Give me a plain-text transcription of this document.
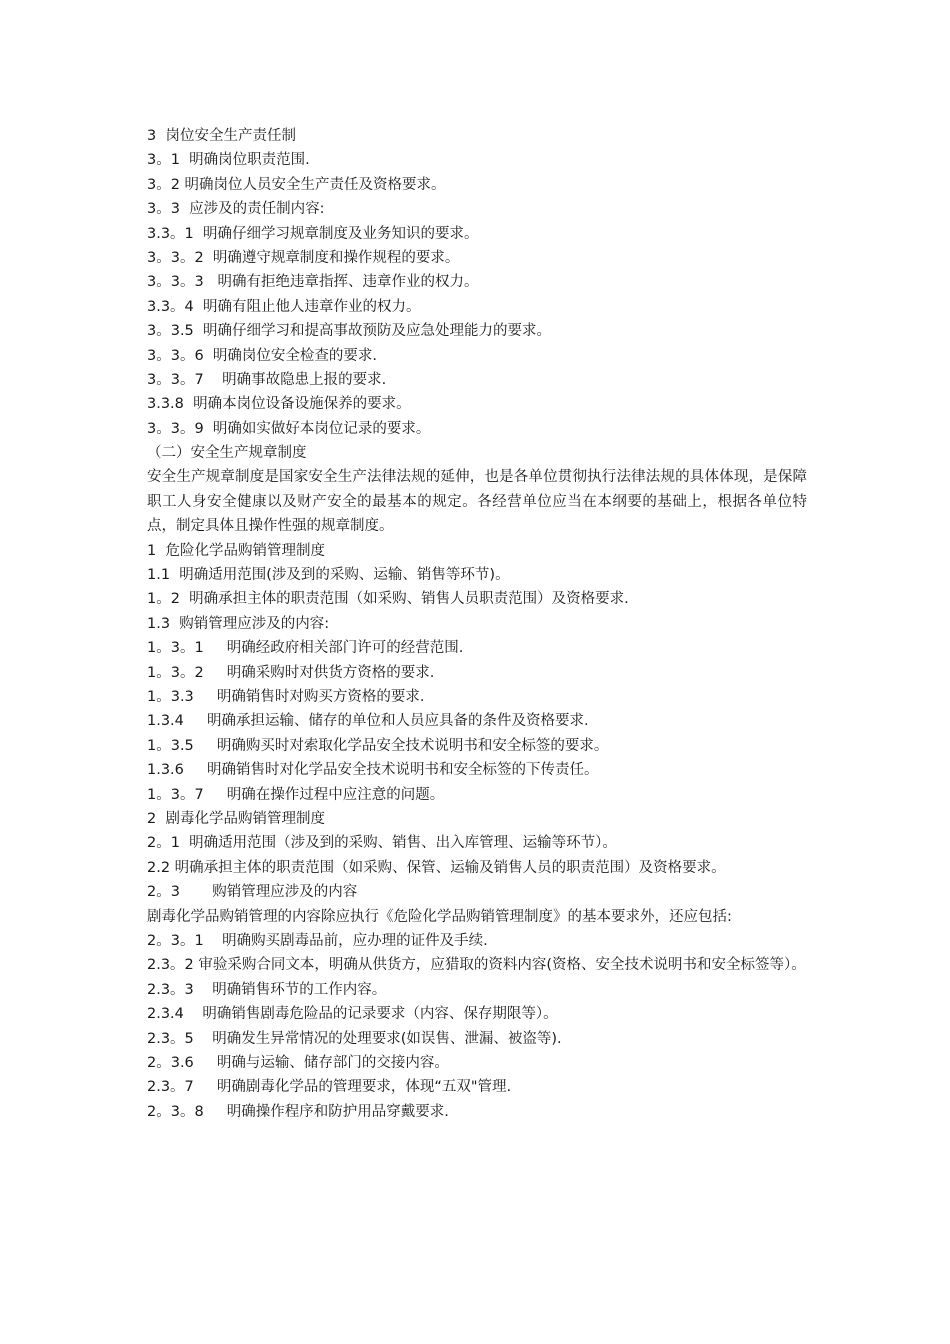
3  岗位安全生产责任制
3。1  明确岗位职责范围.
3。2 明确岗位人员安全生产责任及资格要求。
3。3  应涉及的责任制内容:
3.3。1  明确仔细学习规章制度及业务知识的要求。
3。3。2  明确遵守规章制度和操作规程的要求。
3。3。3   明确有拒绝违章指挥、违章作业的权力。
3.3。4  明确有阻止他人违章作业的权力。
3。3.5  明确仔细学习和提高事故预防及应急处理能力的要求。
3。3。6  明确岗位安全检查的要求.
3。3。7    明确事故隐患上报的要求.
3.3.8  明确本岗位设备设施保养的要求。
3。3。9  明确如实做好本岗位记录的要求。
（二）安全生产规章制度
安全生产规章制度是国家安全生产法律法规的延伸，也是各单位贯彻执行法律法规的具体体现，是保障职工人身安全健康以及财产安全的最基本的规定。各经营单位应当在本纲要的基础上，根据各单位特点，制定具体且操作性强的规章制度。
1  危险化学品购销管理制度
1.1  明确适用范围(涉及到的采购、运输、销售等环节)。
1。2  明确承担主体的职责范围（如采购、销售人员职责范围）及资格要求.
1.3  购销管理应涉及的内容:
1。3。1     明确经政府相关部门许可的经营范围.
1。3。2     明确采购时对供货方资格的要求.
1。3.3     明确销售时对购买方资格的要求.
1.3.4     明确承担运输、储存的单位和人员应具备的条件及资格要求.
1。3.5     明确购买时对索取化学品安全技术说明书和安全标签的要求。
1.3.6     明确销售时对化学品安全技术说明书和安全标签的下传责任。
1。3。7     明确在操作过程中应注意的问题。
2  剧毒化学品购销管理制度
2。1  明确适用范围（涉及到的采购、销售、出入库管理、运输等环节）。
2.2 明确承担主体的职责范围（如采购、保管、运输及销售人员的职责范围）及资格要求。
2。3       购销管理应涉及的内容
剧毒化学品购销管理的内容除应执行《危险化学品购销管理制度》的基本要求外，还应包括:
2。3。1    明确购买剧毒品前，应办理的证件及手续.
2.3。2 审验采购合同文本，明确从供货方，应猎取的资料内容(资格、安全技术说明书和安全标签等）。
2.3。3    明确销售环节的工作内容。
2.3.4    明确销售剧毒危险品的记录要求（内容、保存期限等）。
2.3。5    明确发生异常情况的处理要求(如误售、泄漏、被盗等).
2。3.6     明确与运输、储存部门的交接内容。
2.3。7     明确剧毒化学品的管理要求，体现“五双"管理.
2。3。8     明确操作程序和防护用品穿戴要求.
